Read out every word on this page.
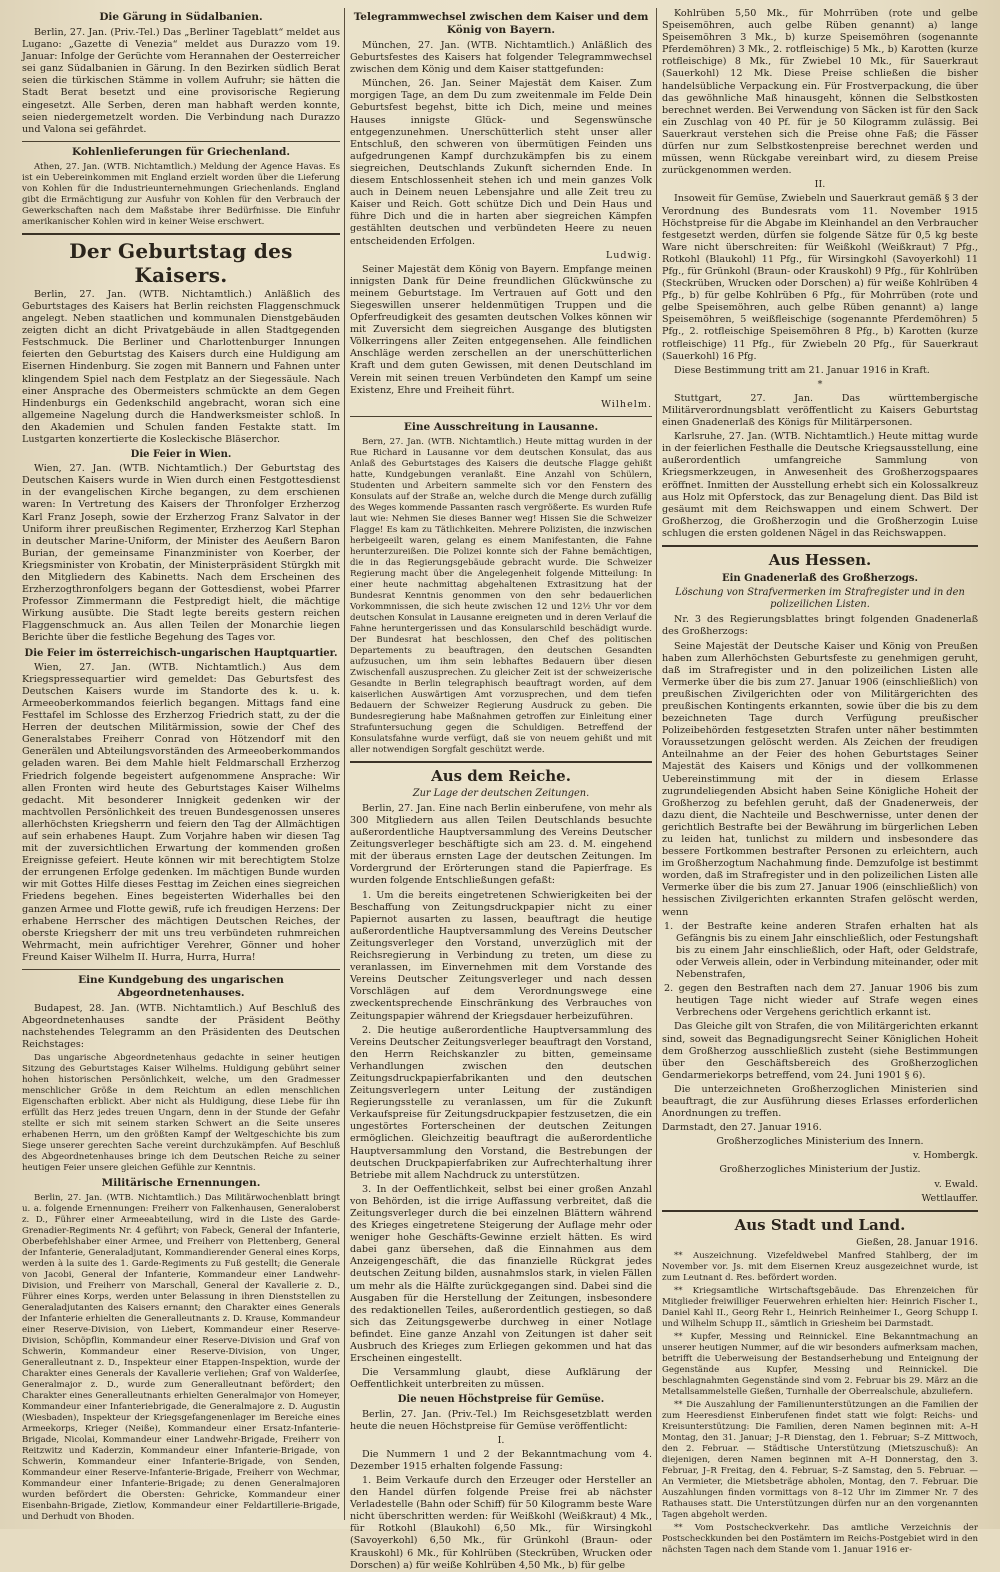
Die Gärung in Südalbanien.

Berlin, 27. Jan. (Priv.-Tel.) Das „Berliner Tageblatt“ meldet aus Lugano: „Gazette di Venezia“ meldet aus Durazzo vom 19. Januar: Infolge der Gerüchte vom Herannahen der Oesterreicher sei ganz Südalbanien in Gärung. In den Bezirken südlich Berat seien die türkischen Stämme in vollem Aufruhr; sie hätten die Stadt Berat besetzt und eine provisorische Regierung eingesetzt. Alle Serben, deren man habhaft werden konnte, seien niedergemetzelt worden. Die Verbindung nach Durazzo und Valona sei gefährdet.

Kohlenlieferungen für Griechenland.

Athen, 27. Jan. (WTB. Nichtamtlich.) Meldung der Agence Havas. Es ist ein Uebereinkommen mit England erzielt worden über die Lieferung von Kohlen für die Industrieunternehmungen Griechenlands. England gibt die Ermächtigung zur Ausfuhr von Kohlen für den Verbrauch der Gewerkschaften nach dem Maßstabe ihrer Bedürfnisse. Die Einfuhr amerikanischer Kohlen wird in keiner Weise erschwert.

Der Geburtstag des Kaisers.

Berlin, 27. Jan. (WTB. Nichtamtlich.) Anläßlich des Geburtstages des Kaisers hat Berlin reichsten Flaggenschmuck angelegt. Neben staatlichen und kommunalen Dienstgebäuden zeigten dicht an dicht Privatgebäude in allen Stadtgegenden Festschmuck. Die Berliner und Charlottenburger Innungen feierten den Geburtstag des Kaisers durch eine Huldigung am Eisernen Hindenburg. Sie zogen mit Bannern und Fahnen unter klingendem Spiel nach dem Festplatz an der Siegessäule. Nach einer Ansprache des Obermeisters schmückte an dem Gegen Hindenburgs ein Gedenkschild angebracht, woran sich eine allgemeine Nagelung durch die Handwerksmeister schloß. In den Akademien und Schulen fanden Festakte statt. Im Lustgarten konzertierte die Kosleckische Bläserchor.

Die Feier in Wien.

Wien, 27. Jan. (WTB. Nichtamtlich.) Der Geburtstag des Deutschen Kaisers wurde in Wien durch einen Festgottesdienst in der evangelischen Kirche begangen, zu dem erschienen waren: In Vertretung des Kaisers der Thronfolger Erzherzog Karl Franz Joseph, sowie der Erzherzog Franz Salvator in der Uniform ihrer preußischen Regimenter, Erzherzog Karl Stephan in deutscher Marine-Uniform, der Minister des Aeußern Baron Burian, der gemeinsame Finanzminister von Koerber, der Kriegsminister von Krobatin, der Ministerpräsident Stürgkh mit den Mitgliedern des Kabinetts. Nach dem Erscheinen des Erzherzogthronfolgers begann der Gottesdienst, wobei Pfarrer Professor Zimmermann die Festpredigt hielt, die mächtige Wirkung ausübte. Die Stadt legte bereits gestern reichen Flaggenschmuck an. Aus allen Teilen der Monarchie liegen Berichte über die festliche Begehung des Tages vor.

Die Feier im österreichisch-ungarischen Hauptquartier.

Wien, 27. Jan. (WTB. Nichtamtlich.) Aus dem Kriegspressequartier wird gemeldet: Das Geburtsfest des Deutschen Kaisers wurde im Standorte des k. u. k. Armeeoberkommandos feierlich begangen. Mittags fand eine Festtafel im Schlosse des Erzherzog Friedrich statt, zu der die Herren der deutschen Militärmission, sowie der Chef des Generalstabes Freiherr Conrad von Hötzendorf mit den Generälen und Abteilungsvorständen des Armeeoberkommandos geladen waren. Bei dem Mahle hielt Feldmarschall Erzherzog Friedrich folgende begeistert aufgenommene Ansprache: Wir allen Fronten wird heute des Geburtstages Kaiser Wilhelms gedacht. Mit besonderer Innigkeit gedenken wir der machtvollen Persönlichkeit des treuen Bundesgenossen unseres allerhöchsten Kriegsherrn und feiern den Tag der Allmächtigen auf sein erhabenes Haupt. Zum Vorjahre haben wir diesen Tag mit der zuversichtlichen Erwartung der kommenden großen Ereignisse gefeiert. Heute können wir mit berechtigtem Stolze der errungenen Erfolge gedenken. Im mächtigen Bunde wurden wir mit Gottes Hilfe dieses Festtag im Zeichen eines siegreichen Friedens begehen. Eines begeisterten Widerhalles bei den ganzen Armee und Flotte gewiß, rufe ich freudigen Herzens: Der erhabene Herrscher des mächtigen Deutschen Reiches, der oberste Kriegsherr der mit uns treu verbündeten ruhmreichen Wehrmacht, mein aufrichtiger Verehrer, Gönner und hoher Freund Kaiser Wilhelm II. Hurra, Hurra, Hurra!

Eine Kundgebung des ungarischen Abgeordnetenhauses.

Budapest, 28. Jan. (WTB. Nichtamtlich.) Auf Beschluß des Abgeordnetenhauses sandte der Präsident Beöthy nachstehendes Telegramm an den Präsidenten des Deutschen Reichstages:

Das ungarische Abgeordnetenhaus gedachte in seiner heutigen Sitzung des Geburtstages Kaiser Wilhelms. Huldigung gebührt seiner hohen historischen Persönlichkeit, welche, um den Gradmesser menschlicher Größe in dem Reichtum an edlen menschlichen Eigenschaften erblickt. Aber nicht als Huldigung, diese Liebe für ihn erfüllt das Herz jedes treuen Ungarn, denn in der Stunde der Gefahr stellte er sich mit seinem starken Schwert an die Seite unseres erhabenen Herrn, um den größten Kampf der Weltgeschichte bis zum Siege unserer gerechten Sache vereint durchzukämpfen. Auf Beschluß des Abgeordnetenhauses bringe ich dem Deutschen Reiche zu seiner heutigen Feier unsere gleichen Gefühle zur Kenntnis.

Militärische Ernennungen.

Berlin, 27. Jan. (WTB. Nichtamtlich.) Das Militärwochenblatt bringt u. a. folgende Ernennungen: Freiherr von Falkenhausen, Generaloberst z. D., Führer einer Armeeabteilung, wird in die Liste des Garde-Grenadier-Regiments Nr. 4 geführt; von Fabeck, General der Infanterie, Oberbefehlshaber einer Armee, und Freiherr von Plettenberg, General der Infanterie, Generaladjutant, Kommandierender General eines Korps, werden à la suite des 1. Garde-Regiments zu Fuß gestellt; die Generale von Jacobi, General der Infanterie, Kommandeur einer Landwehr-Division, und Freiherr von Marschall, General der Kavallerie z. D., Führer eines Korps, werden unter Belassung in ihren Dienststellen zu Generaladjutanten des Kaisers ernannt; den Charakter eines Generals der Infanterie erhielten die Generalleutnants z. D. Krause, Kommandeur einer Reserve-Division, von Liebert, Kommandeur einer Reserve-Division, Schöpflin, Kommandeur einer Reserve-Division und Graf von Schwerin, Kommandeur einer Reserve-Division, von Unger, Generalleutnant z. D., Inspekteur einer Etappen-Inspektion, wurde der Charakter eines Generals der Kavallerie verliehen; Graf von Walderſee, Generalmajor z. D., wurde zum Generalleutnant befördert; den Charakter eines Generalleutnants erhielten Generalmajor von Homeyer, Kommandeur einer Infanteriebrigade, die Generalmajore z. D. Augustin (Wiesbaden), Inspekteur der Kriegsgefangenenlager im Bereiche eines Armeekorps, Krieger (Neiße), Kommandeur einer Ersatz-Infanterie-Brigade, Nicolai, Kommandeur einer Landwehr-Brigade, Freiherr von Reitzwitz und Kaderzin, Kommandeur einer Infanterie-Brigade, von Schwerin, Kommandeur einer Infanterie-Brigade, von Senden, Kommandeur einer Reserve-Infanterie-Brigade, Freiherr von Wechmar, Kommandeur einer Infanterie-Brigade; zu denen Generalmajoren wurden befördert die Obersten: Gehricke, Kommandeur einer Eisenbahn-Brigade, Zietlow, Kommandeur einer Feldartillerie-Brigade, und Derhudt von Bhoden.

Telegrammwechsel zwischen dem Kaiser und dem König von Bayern.

München, 27. Jan. (WTB. Nichtamtlich.) Anläßlich des Geburtsfestes des Kaisers hat folgender Telegrammwechsel zwischen dem König und dem Kaiser stattgefunden:

München, 26. Jan. Seiner Majestät dem Kaiser. Zum morgigen Tage, an dem Du zum zweitenmale im Felde Dein Geburtsfest begehst, bitte ich Dich, meine und meines Hauses innigste Glück- und Segenswünsche entgegenzunehmen. Unerschütterlich steht unser aller Entschluß, den schweren von übermütigen Feinden uns aufgedrungenen Kampf durchzukämpfen bis zu einem siegreichen, Deutschlands Zukunft sichernden Ende. In diesem Entschlossenheit stehen ich und mein ganzes Volk auch in Deinem neuen Lebensjahre und alle Zeit treu zu Kaiser und Reich. Gott schütze Dich und Dein Haus und führe Dich und die in harten aber siegreichen Kämpfen gestählten deutschen und verbündeten Heere zu neuen entscheidenden Erfolgen.

Ludwig.

Seiner Majestät dem König von Bayern. Empfange meinen innigsten Dank für Deine freundlichen Glückwünsche zu meinem Geburtstage. Im Vertrauen auf Gott und den Siegeswillen unserer heldenmütigen Truppen und die Opferfreudigkeit des gesamten deutschen Volkes können wir mit Zuversicht dem siegreichen Ausgange des blutigsten Völkerringens aller Zeiten entgegensehen. Alle feindlichen Anschläge werden zerschellen an der unerschütterlichen Kraft und dem guten Gewissen, mit denen Deutschland im Verein mit seinen treuen Verbündeten den Kampf um seine Existenz, Ehre und Freiheit führt.

Wilhelm.

Eine Ausschreitung in Lausanne.

Bern, 27. Jan. (WTB. Nichtamtlich.) Heute mittag wurden in der Rue Richard in Lausanne vor dem deutschen Konsulat, das aus Anlaß des Geburtstages des Kaisers die deutsche Flagge gehißt hatte, Kundgebungen veranlaßt. Eine Anzahl von Schülern, Studenten und Arbeitern sammelte sich vor den Fenstern des Konsulats auf der Straße an, welche durch die Menge durch zufällig des Weges kommende Passanten rasch vergrößerte. Es wurden Rufe laut wie: Nehmen Sie dieses Banner weg! Hissen Sie die Schweizer Flagge! Es kam zu Tätlichkeiten. Mehrere Polizisten, die inzwischen herbeigeeilt waren, gelang es einem Manifestanten, die Fahne herunterzureißen. Die Polizei konnte sich der Fahne bemächtigen, die in das Regierungsgebäude gebracht wurde. Die Schweizer Regierung macht über die Angelegenheit folgende Mitteilung: In einer heute nachmittag abgehaltenen Extrasitzung hat der Bundesrat Kenntnis genommen von den sehr bedauerlichen Vorkommnissen, die sich heute zwischen 12 und 12½ Uhr vor dem deutschen Konsulat in Lausanne ereigneten und in deren Verlauf die Fahne heruntergerissen und das Konsularschild beschädigt wurde. Der Bundesrat hat beschlossen, den Chef des politischen Departements zu beauftragen, den deutschen Gesandten aufzusuchen, um ihm sein lebhaftes Bedauern über diesen Zwischenfall auszusprechen. Zu gleicher Zeit ist der schweizerische Gesandte in Berlin telegraphisch beauftragt worden, auf dem kaiserlichen Auswärtigen Amt vorzusprechen, und dem tiefen Bedauern der Schweizer Regierung Ausdruck zu geben. Die Bundesregierung habe Maßnahmen getroffen zur Einleitung einer Strafuntersuchung gegen die Schuldigen. Betreffend der Konsulatsfahne wurde verfügt, daß sie von neuem gehißt und mit aller notwendigen Sorgfalt geschützt werde.

Aus dem Reiche.
Zur Lage der deutschen Zeitungen.

Berlin, 27. Jan. Eine nach Berlin einberufene, von mehr als 300 Mitgliedern aus allen Teilen Deutschlands besuchte außerordentliche Hauptversammlung des Vereins Deutscher Zeitungsverleger beschäftigte sich am 23. d. M. eingehend mit der überaus ernsten Lage der deutschen Zeitungen. Im Vordergrund der Erörterungen stand die Papierfrage. Es wurden folgende Entschließungen gefaßt:

1. Um die bereits eingetretenen Schwierigkeiten bei der Beschaffung von Zeitungsdruckpapier nicht zu einer Papiernot ausarten zu lassen, beauftragt die heutige außerordentliche Hauptversammlung des Vereins Deutscher Zeitungsverleger den Vorstand, unverzüglich mit der Reichsregierung in Verbindung zu treten, um diese zu veranlassen, im Einvernehmen mit dem Vorstande des Vereins Deutscher Zeitungsverleger und nach dessen Vorschlägen auf dem Verordnungswege eine zweckentsprechende Einschränkung des Verbrauches von Zeitungspapier während der Kriegsdauer herbeizuführen.

2. Die heutige außerordentliche Hauptversammlung des Vereins Deutscher Zeitungsverleger beauftragt den Vorstand, den Herrn Reichskanzler zu bitten, gemeinsame Verhandlungen zwischen den deutschen Zeitungsdruckpapierfabrikanten und den deutschen Zeitungsverlegern unter Leitung der zuständigen Regierungsstelle zu veranlassen, um für die Zukunft Verkaufspreise für Zeitungsdruckpapier festzusetzen, die ein ungestörtes Forterscheinen der deutschen Zeitungen ermöglichen. Gleichzeitig beauftragt die außerordentliche Hauptversammlung den Vorstand, die Bestrebungen der deutschen Druckpapierfabriken zur Aufrechterhaltung ihrer Betriebe mit allem Nachdruck zu unterstützen.

3. In der Oeffentlichkeit, selbst bei einer großen Anzahl von Behörden, ist die irrige Auffassung verbreitet, daß die Zeitungsverleger durch die bei einzelnen Blättern während des Krieges eingetretene Steigerung der Auflage mehr oder weniger hohe Geschäfts-Gewinne erzielt hätten. Es wird dabei ganz übersehen, daß die Einnahmen aus dem Anzeigengeschäft, die das finanzielle Rückgrat jedes deutschen Zeitung bilden, ausnahmslos stark, in vielen Fällen um mehr als die Hälfte zurückgegangen sind. Dabei sind die Ausgaben für die Herstellung der Zeitungen, insbesondere des redaktionellen Teiles, außerordentlich gestiegen, so daß sich das Zeitungsgewerbe durchweg in einer Notlage befindet. Eine ganze Anzahl von Zeitungen ist daher seit Ausbruch des Krieges zum Erliegen gekommen und hat das Erscheinen eingestellt.

Die Versammlung glaubt, diese Aufklärung der Oeffentlichkeit unterbreiten zu müssen.

Die neuen Höchstpreise für Gemüse.

Berlin, 27. Jan. (Priv.-Tel.) Im Reichsgesetzblatt werden heute die neuen Höchstpreise für Gemüse veröffentlicht:

I.

Die Nummern 1 und 2 der Bekanntmachung vom 4. Dezember 1915 erhalten folgende Fassung:

1. Beim Verkaufe durch den Erzeuger oder Hersteller an den Handel dürfen folgende Preise frei ab nächster Verladestelle (Bahn oder Schiff) für 50 Kilogramm beste Ware nicht überschritten werden: für Weißkohl (Weißkraut) 4 Mk., für Rotkohl (Blaukohl) 6,50 Mk., für Wirsingkohl (Savoyerkohl) 6,50 Mk., für Grünkohl (Braun- oder Krauskohl) 6 Mk., für Kohlrüben (Steckrüben, Wrucken oder Dorschen) a) für weiße Kohlrüben 4,50 Mk., b) für gelbe

Kohlrüben 5,50 Mk., für Mohrrüben (rote und gelbe Speisemöhren, auch gelbe Rüben genannt) a) lange Speisemöhren 3 Mk., b) kurze Speisemöhren (sogenannte Pferdemöhren) 3 Mk., 2. rotfleischige) 5 Mk., b) Karotten (kurze rotfleischige) 8 Mk., für Zwiebel 10 Mk., für Sauerkraut (Sauerkohl) 12 Mk. Diese Preise schließen die bisher handelsübliche Verpackung ein. Für Frostverpackung, die über das gewöhnliche Maß hinausgeht, können die Selbstkosten berechnet werden. Bei Verwendung von Säcken ist für den Sack ein Zuschlag von 40 Pf. für je 50 Kilogramm zulässig. Bei Sauerkraut verstehen sich die Preise ohne Faß; die Fässer dürfen nur zum Selbstkostenpreise berechnet werden und müssen, wenn Rückgabe vereinbart wird, zu diesem Preise zurückgenommen werden.

II.

Insoweit für Gemüse, Zwiebeln und Sauerkraut gemäß § 3 der Verordnung des Bundesrats vom 11. November 1915 Höchstpreise für die Abgabe im Kleinhandel an den Verbraucher festgesetzt werden, dürfen sie folgende Sätze für 0,5 kg beste Ware nicht überschreiten: für Weißkohl (Weißkraut) 7 Pfg., Rotkohl (Blaukohl) 11 Pfg., für Wirsingkohl (Savoyerkohl) 11 Pfg., für Grünkohl (Braun- oder Krauskohl) 9 Pfg., für Kohlrüben (Steckrüben, Wrucken oder Dorschen) a) für weiße Kohlrüben 4 Pfg., b) für gelbe Kohlrüben 6 Pfg., für Mohrrüben (rote und gelbe Speisemöhren, auch gelbe Rüben genannt) a) lange Speisemöhren, 5 weißfleischige (sogenannte Pferdemöhren) 5 Pfg., 2. rotfleischige Speisemöhren 8 Pfg., b) Karotten (kurze rotfleischige) 11 Pfg., für Zwiebeln 20 Pfg., für Sauerkraut (Sauerkohl) 16 Pfg.

Diese Bestimmung tritt am 21. Januar 1916 in Kraft.

*

Stuttgart, 27. Jan. Das württembergische Militärverordnungsblatt veröffentlicht zu Kaisers Geburtstag einen Gnadenerlaß des Königs für Militärpersonen.

Karlsruhe, 27. Jan. (WTB. Nichtamtlich.) Heute mittag wurde in der feierlichen Festhalle die Deutsche Kriegsausstellung, eine außerordentlich umfangreiche Sammlung von Kriegsmerkzeugen, in Anwesenheit des Großherzogspaares eröffnet. Inmitten der Ausstellung erhebt sich ein Kolossalkreuz aus Holz mit Opferstock, das zur Benagelung dient. Das Bild ist gesäumt mit dem Reichswappen und einem Schwert. Der Großherzog, die Großherzogin und die Großherzogin Luise schlugen die ersten goldenen Nägel in das Reichswappen.

Aus Hessen.
Ein Gnadenerlaß des Großherzogs.
Löschung von Strafvermerken im Strafregister und in den polizeilichen Listen.

Nr. 3 des Regierungsblattes bringt folgenden Gnadenerlaß des Großherzogs:

Seine Majestät der Deutsche Kaiser und König von Preußen haben zum Allerhöchsten Geburtsfeste zu genehmigen geruht, daß im Strafregister und in den polizeilichen Listen alle Vermerke über die bis zum 27. Januar 1906 (einschließlich) von preußischen Zivilgerichten oder von Militärgerichten des preußischen Kontingents erkannten, sowie über die bis zu dem bezeichneten Tage durch Verfügung preußischer Polizeibehörden festgesetzten Strafen unter näher bestimmten Voraussetzungen gelöscht werden. Als Zeichen der freudigen Anteilnahme an der Feier des hohen Geburtstages Seiner Majestät des Kaisers und Königs und der vollkommenen Uebereinstimmung mit der in diesem Erlasse zugrundeliegenden Absicht haben Seine Königliche Hoheit der Großherzog zu befehlen geruht, daß der Gnadenerweis, der dazu dient, die Nachteile und Beschwernisse, unter denen der gerichtlich Bestrafte bei der Bewährung im bürgerlichen Leben zu leiden hat, tunlichst zu mildern und insbesondere das bessere Fortkommen bestrafter Personen zu erleichtern, auch im Großherzogtum Nachahmung finde. Demzufolge ist bestimmt worden, daß im Strafregister und in den polizeilichen Listen alle Vermerke über die bis zum 27. Januar 1906 (einschließlich) von hessischen Zivilgerichten erkannten Strafen gelöscht werden, wenn

1. der Bestrafte keine anderen Strafen erhalten hat als Gefängnis bis zu einem Jahr einschließlich, oder Festungshaft bis zu einem Jahr einschließlich, oder Haft, oder Geldstrafe, oder Verweis allein, oder in Verbindung miteinander, oder mit Nebenstrafen,

2. gegen den Bestraften nach dem 27. Januar 1906 bis zum heutigen Tage nicht wieder auf Strafe wegen eines Verbrechens oder Vergehens gerichtlich erkannt ist.

Das Gleiche gilt von Strafen, die von Militärgerichten erkannt sind, soweit das Begnadigungsrecht Seiner Königlichen Hoheit dem Großherzog ausschließlich zusteht (siehe Bestimmungen über den Geschäftsbereich des Großherzoglichen Gendarmeriekorps betreffend, vom 24. Juni 1901 § 6).

Die unterzeichneten Großherzoglichen Ministerien sind beauftragt, die zur Ausführung dieses Erlasses erforderlichen Anordnungen zu treffen.

Darmstadt, den 27. Januar 1916.

Großherzogliches Ministerium des Innern.

v. Hombergk.

Großherzogliches Ministerium der Justiz.

v. Ewald.

Wettlauffer.

Aus Stadt und Land.

Gießen, 28. Januar 1916.

** Auszeichnung. Vizefeldwebel Manfred Stahlberg, der im November vor. Js. mit dem Eisernen Kreuz ausgezeichnet wurde, ist zum Leutnant d. Res. befördert worden.

** Kriegsamtliche Wirtschaftsgebäude. Das Ehrenzeichen für Mitglieder freiwilliger Feuerwehren erhielten hier: Heinrich Fischer I., Daniel Kahl II., Georg Rehr I., Heinrich Reinheimer I., Georg Schupp I. und Wilhelm Schupp II., sämtlich in Griesheim bei Darmstadt.

** Kupfer, Messing und Reinnickel. Eine Bekanntmachung an unserer heutigen Nummer, auf die wir besonders aufmerksam machen, betrifft die Ueberweisung der Bestandserhebung und Enteignung der Gegenstände aus Kupfer, Messing und Reinnickel. Die beschlagnahmten Gegenstände sind vom 2. Februar bis 29. März an die Metallsammelstelle Gießen, Turnhalle der Oberrealschule, abzuliefern.

** Die Auszahlung der Familienunterstützungen an die Familien der zum Heeresdienst Einberufenen findet statt wie folgt: Reichs- und Kreisunterstützung: Die Familien, deren Namen beginnen mit: A–H Montag, den 31. Januar; J–R Dienstag, den 1. Februar; S–Z Mittwoch, den 2. Februar. — Städtische Unterstützung (Mietszuschuß): An diejenigen, deren Namen beginnen mit A–H Donnerstag, den 3. Februar, J–R Freitag, den 4. Februar, S–Z Samstag, den 5. Februar. — An Vermieter, die Mietsbeträge abholen, Montag, den 7. Februar. Die Auszahlungen finden vormittags von 8–12 Uhr im Zimmer Nr. 7 des Rathauses statt. Die Unterstützungen dürfen nur an den vorgenannten Tagen abgeholt werden.

** Vom Postscheckverkehr. Das amtliche Verzeichnis der Postscheckkunden bei den Postämtern im Reichs-Postgebiet wird in den nächsten Tagen nach dem Stande vom 1. Januar 1916 er-
